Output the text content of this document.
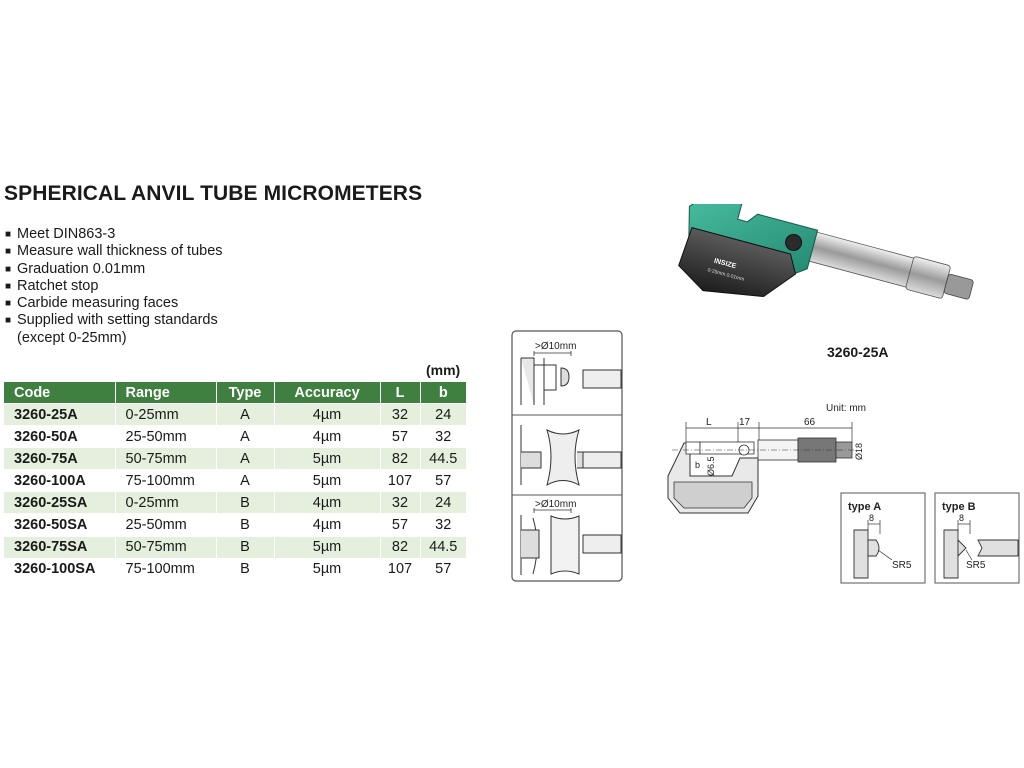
SPHERICAL ANVIL TUBE MICROMETERS
■ Meet DIN863-3
■ Measure wall thickness of tubes
■ Graduation 0.01mm
■ Ratchet stop
■ Carbide measuring faces
■ Supplied with setting standards
(except 0-25mm)
(mm)
Code	Range	Type	Accuracy	L	b
3260-25A	0-25mm	A	4µm	32	24
3260-50A	25-50mm	A	4µm	57	32
3260-75A	50-75mm	A	5µm	82	44.5
3260-100A	75-100mm	A	5µm	107	57
3260-25SA	0-25mm	B	4µm	32	24
3260-50SA	25-50mm	B	4µm	57	32
3260-75SA	50-75mm	B	5µm	82	44.5
3260-100SA	75-100mm	B	5µm	107	57
>Ø10mm
>Ø10mm
INSIZE
0-25mm 0.01mm
3260-25A
Unit: mm
L	17	66
b Ø6.5
Ø18
type A
8
SR5
type B
8
SR5
